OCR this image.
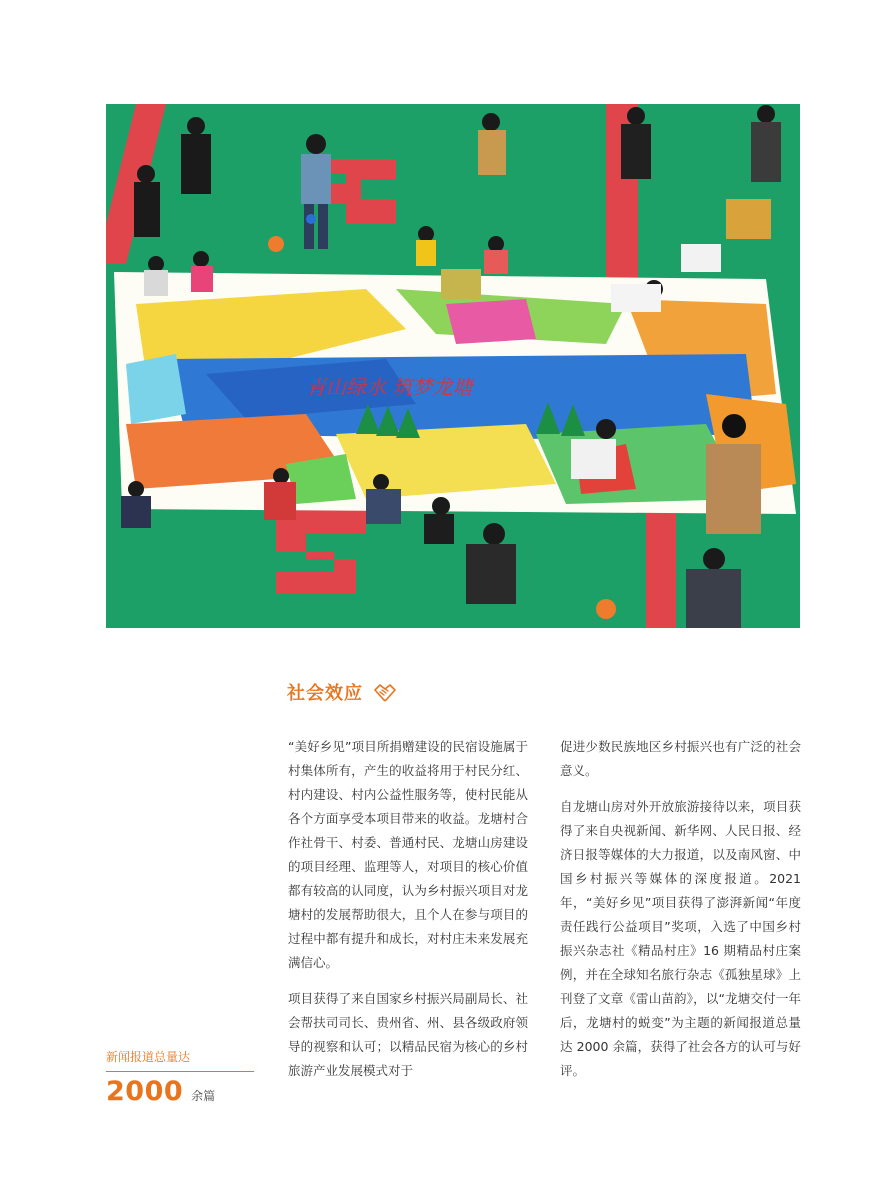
青山绿水 筑梦龙塘
社会效应

“美好乡见”项目所捐赠建设的民宿设施属于村集体所有，产生的收益将用于村民分红、村内建设、村内公益性服务等，使村民能从各个方面享受本项目带来的收益。龙塘村合作社骨干、村委、普通村民、龙塘山房建设的项目经理、监理等人，对项目的核心价值都有较高的认同度，认为乡村振兴项目对龙塘村的发展帮助很大，且个人在参与项目的过程中都有提升和成长，对村庄未来发展充满信心。

项目获得了来自国家乡村振兴局副局长、社会帮扶司司长、贵州省、州、县各级政府领导的视察和认可；以精品民宿为核心的乡村旅游产业发展模式对于

促进少数民族地区乡村振兴也有广泛的社会意义。

自龙塘山房对外开放旅游接待以来，项目获得了来自央视新闻、新华网、人民日报、经济日报等媒体的大力报道，以及南风窗、中国乡村振兴等媒体的深度报道。2021 年，“美好乡见”项目获得了澎湃新闻“年度责任践行公益项目”奖项，入选了中国乡村振兴杂志社《精品村庄》16 期精品村庄案例，并在全球知名旅行杂志《孤独星球》上刊登了文章《雷山苗韵》，以“龙塘交付一年后，龙塘村的蜕变”为主题的新闻报道总量达 2000 余篇，获得了社会各方的认可与好评。

新闻报道总量达
2000 余篇
